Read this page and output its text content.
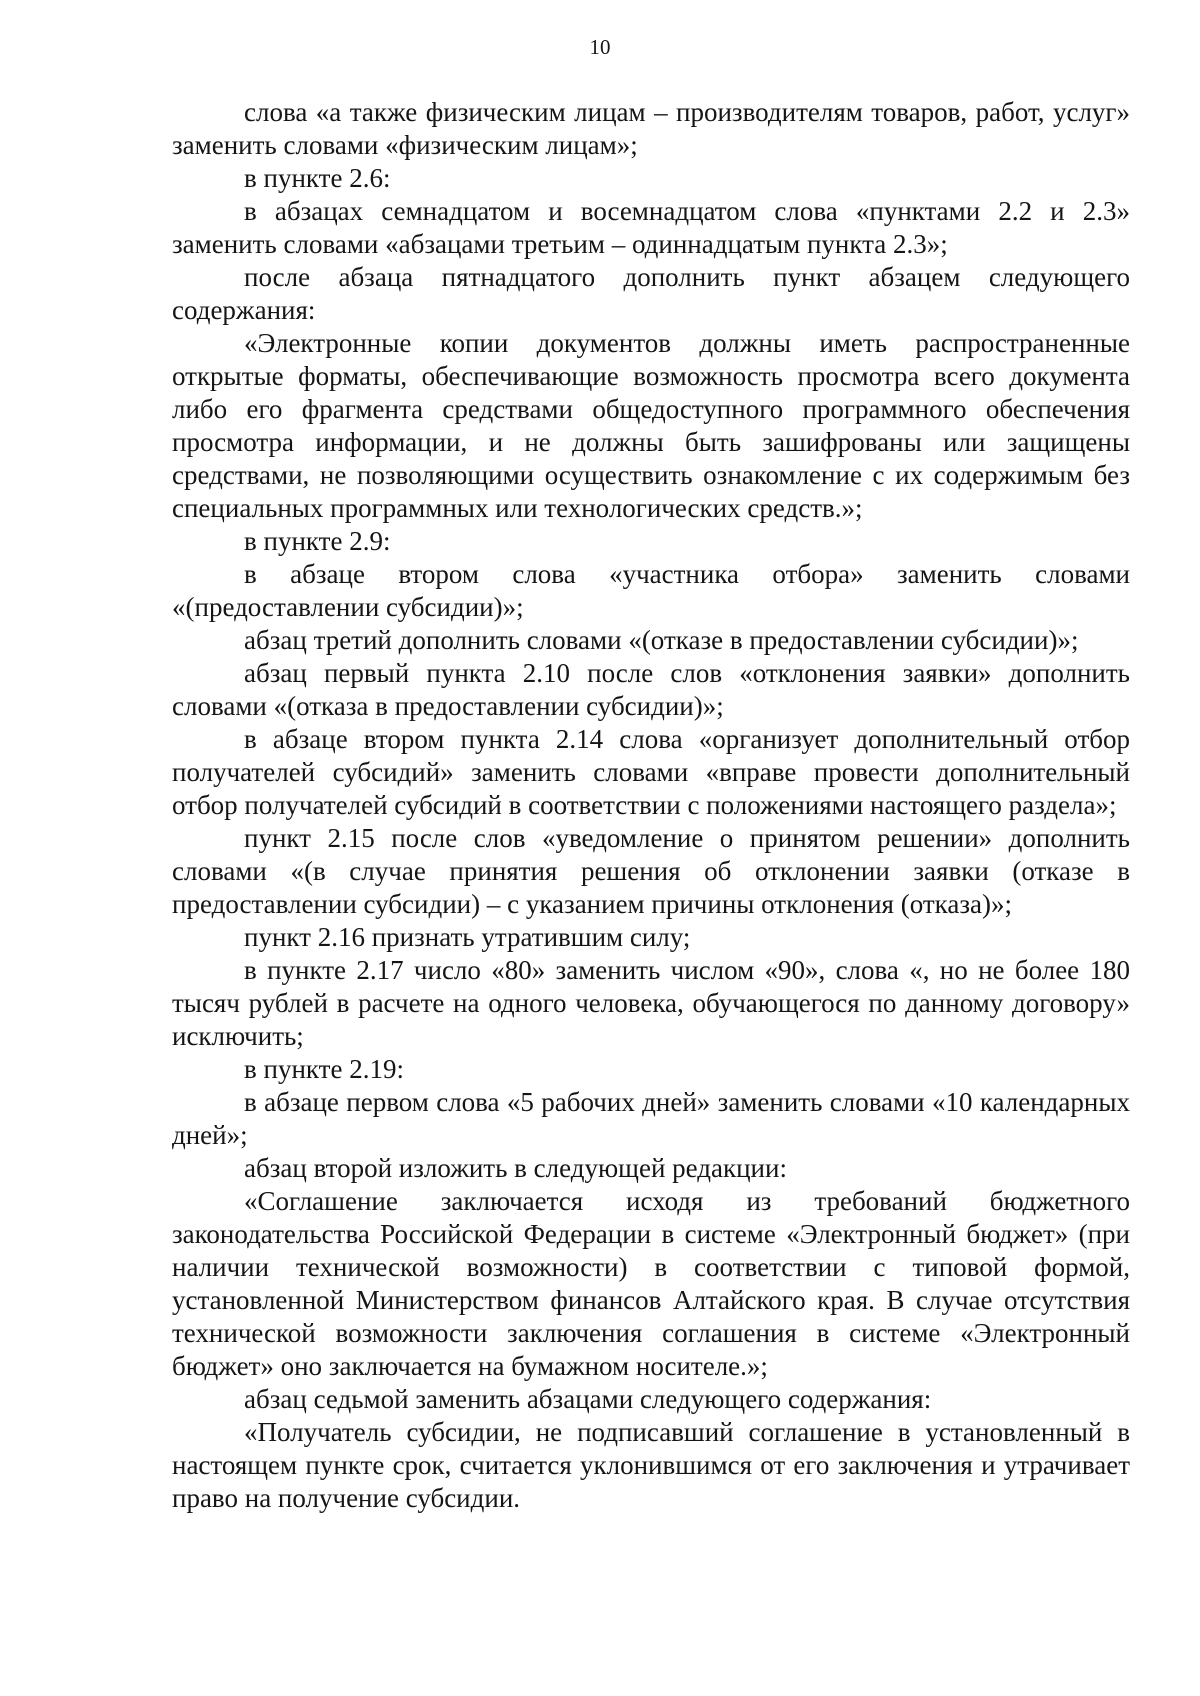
10

слова «а также физическим лицам – производителям товаров, работ, услуг» заменить словами «физическим лицам»;

в пункте 2.6:

в абзацах семнадцатом и восемнадцатом слова «пунктами 2.2 и 2.3» заменить словами «абзацами третьим – одиннадцатым пункта 2.3»;

после абзаца пятнадцатого дополнить пункт абзацем следующего содержания:

«Электронные копии документов должны иметь распространенные открытые форматы, обеспечивающие возможность просмотра всего документа либо его фрагмента средствами общедоступного программного обеспечения просмотра информации, и не должны быть зашифрованы или защищены средствами, не позволяющими осуществить ознакомление с их содержимым без специальных программных или технологических средств.»;

в пункте 2.9:

в абзаце втором слова «участника отбора» заменить словами «(предоставлении субсидии)»;

абзац третий дополнить словами «(отказе в предоставлении субсидии)»;

абзац первый пункта 2.10 после слов «отклонения заявки» дополнить словами «(отказа в предоставлении субсидии)»;

в абзаце втором пункта 2.14 слова «организует дополнительный отбор получателей субсидий» заменить словами «вправе провести дополнительный отбор получателей субсидий в соответствии с положениями настоящего раздела»;

пункт 2.15 после слов «уведомление о принятом решении» дополнить словами «(в случае принятия решения об отклонении заявки (отказе в предоставлении субсидии) – с указанием причины отклонения (отказа)»;

пункт 2.16 признать утратившим силу;

в пункте 2.17 число «80» заменить числом «90», слова «, но не более 180 тысяч рублей в расчете на одного человека, обучающегося по данному договору» исключить;

в пункте 2.19:

в абзаце первом слова «5 рабочих дней» заменить словами «10 календарных дней»;

абзац второй изложить в следующей редакции:

«Соглашение заключается исходя из требований бюджетного законодательства Российской Федерации в системе «Электронный бюджет» (при наличии технической возможности) в соответствии с типовой формой, установленной Министерством финансов Алтайского края. В случае отсутствия технической возможности заключения соглашения в системе «Электронный бюджет» оно заключается на бумажном носителе.»;

абзац седьмой заменить абзацами следующего содержания:

«Получатель субсидии, не подписавший соглашение в установленный в настоящем пункте срок, считается уклонившимся от его заключения и утрачивает право на получение субсидии.
